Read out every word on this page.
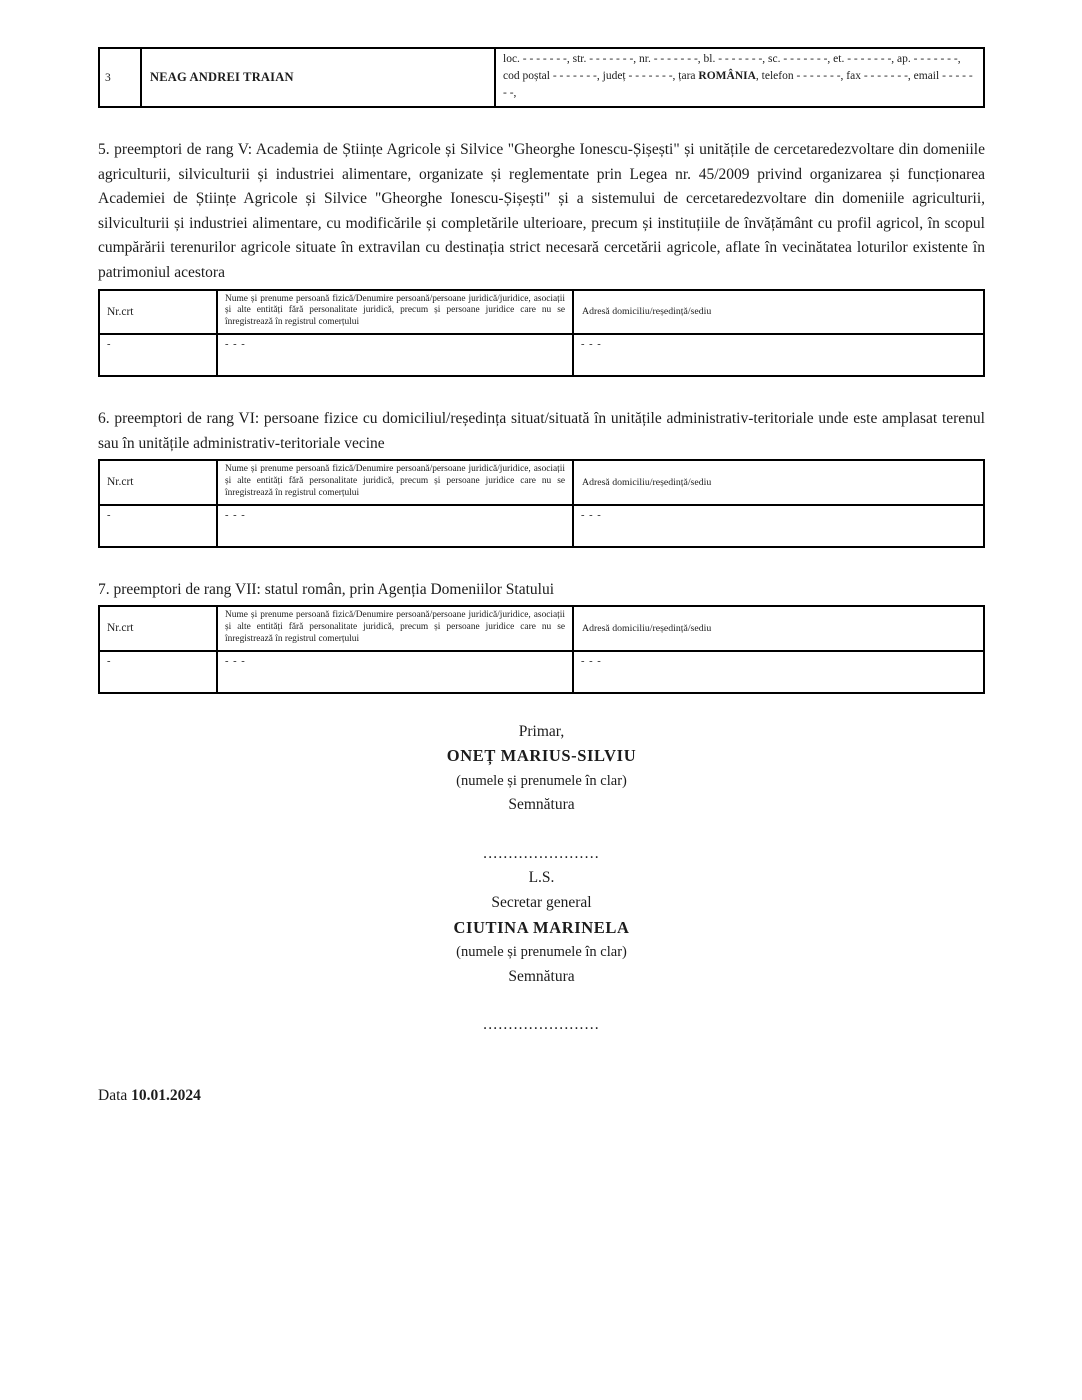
3	NEAG ANDREI TRAIAN	loc. - - - - - - -, str. - - - - - - -, nr. - - - - - - -, bl. - - - - - - -, sc. - - - - - - -, et. - - - - - - -, ap. - - - - - - -, cod poștal - - - - - - -, județ - - - - - - -, țara ROMÂNIA, telefon - - - - - - -, fax - - - - - - -, email - - - - - - -,
5. preemptori de rang V: Academia de Științe Agricole și Silvice "Gheorghe Ionescu-Șișești" și unitățile de cercetaredezvoltare din domeniile agriculturii, silviculturii și industriei alimentare, organizate și reglementate prin Legea nr. 45/2009 privind organizarea și funcționarea Academiei de Științe Agricole și Silvice "Gheorghe Ionescu-Șișești" și a sistemului de cercetaredezvoltare din domeniile agriculturii, silviculturii și industriei alimentare, cu modificările și completările ulterioare, precum și instituțiile de învățământ cu profil agricol, în scopul cumpărării terenurilor agricole situate în extravilan cu destinația strict necesară cercetării agricole, aflate în vecinătatea loturilor existente în patrimoniul acestora
Nr.crt	Nume și prenume persoană fizică/Denumire persoană/persoane juridică/juridice, asociații și alte entități fără personalitate juridică, precum și persoane juridice care nu se înregistrează în registrul comerțului	Adresă domiciliu/reședință/sediu
-	- - -	- - -
6. preemptori de rang VI: persoane fizice cu domiciliul/reședința situat/situată în unitățile administrativ-teritoriale unde este amplasat terenul sau în unitățile administrativ-teritoriale vecine
Nr.crt	Nume și prenume persoană fizică/Denumire persoană/persoane juridică/juridice, asociații și alte entități fără personalitate juridică, precum și persoane juridice care nu se înregistrează în registrul comerțului	Adresă domiciliu/reședință/sediu
-	- - -	- - -
7. preemptori de rang VII: statul român, prin Agenția Domeniilor Statului
Nr.crt	Nume și prenume persoană fizică/Denumire persoană/persoane juridică/juridice, asociații și alte entități fără personalitate juridică, precum și persoane juridice care nu se înregistrează în registrul comerțului	Adresă domiciliu/reședință/sediu
-	- - -	- - -
Primar,
ONEȚ MARIUS-SILVIU
(numele și prenumele în clar)
Semnătura
.......................
L.S.
Secretar general
CIUTINA MARINELA
(numele și prenumele în clar)
Semnătura
.......................
Data 10.01.2024
